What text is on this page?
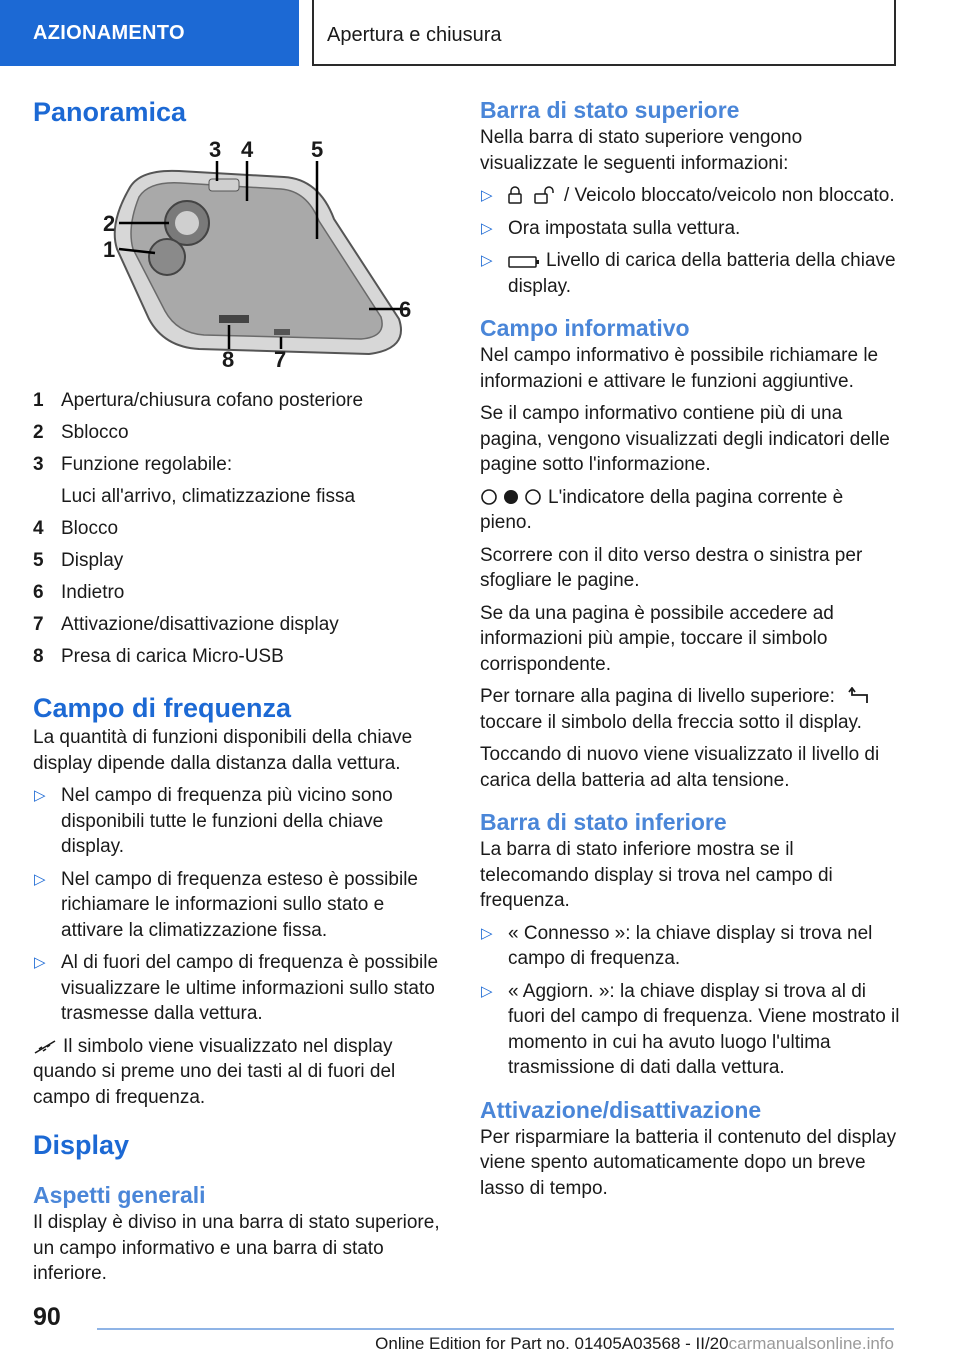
AZIONAMENTO	Apertura e chiusura
Panoramica
3 4	5
2
1
6
8 7
1 Apertura/chiusura cofano posteriore
2 Sblocco
3 Funzione regolabile:
Luci all'arrivo, climatizzazione fissa
4 Blocco
5 Display
6 Indietro
7 Attivazione/disattivazione display
8 Presa di carica Micro-USB
Campo di frequenza

La quantità di funzioni disponibili della chiave display dipende dalla distanza dalla vettura.

▷ Nel campo di frequenza più vicino sono disponibili tutte le funzioni della chiave display.
▷ Nel campo di frequenza esteso è possibile richiamare le informazioni sullo stato e attivare la climatizzazione fissa.
▷ Al di fuori del campo di frequenza è possibile visualizzare le ultime informazioni sullo stato trasmesse dalla vettura.

Il simbolo viene visualizzato nel display quando si preme uno dei tasti al di fuori del campo di frequenza.

Display
Aspetti generali

Il display è diviso in una barra di stato superiore, un campo informativo e una barra di stato inferiore.

Barra di stato superiore

Nella barra di stato superiore vengono visualizzate le seguenti informazioni:

▷	/ Veicolo bloccato/veicolo non bloccato.
▷ Ora impostata sulla vettura.
▷	Livello di carica della batteria della chiave display.
Campo informativo

Nel campo informativo è possibile richiamare le informazioni e attivare le funzioni aggiuntive.

Se il campo informativo contiene più di una pagina, vengono visualizzati degli indicatori delle pagine sotto l'informazione.

L'indicatore della pagina corrente è pieno.

Scorrere con il dito verso destra o sinistra per sfogliare le pagine.

Se da una pagina è possibile accedere ad informazioni più ampie, toccare il simbolo corrispondente.

Per tornare alla pagina di livello superiore:
toccare il simbolo della freccia sotto il display.

Toccando di nuovo viene visualizzato il livello di carica della batteria ad alta tensione.

Barra di stato inferiore

La barra di stato inferiore mostra se il telecomando display si trova nel campo di frequenza.

▷ « Connesso »: la chiave display si trova nel campo di frequenza.
▷ « Aggiorn. »: la chiave display si trova al di fuori del campo di frequenza. Viene mostrato il momento in cui ha avuto luogo l'ultima trasmissione di dati dalla vettura.
Attivazione/disattivazione

Per risparmiare la batteria il contenuto del display viene spento automaticamente dopo un breve lasso di tempo.

90
Online Edition for Part no. 01405A03568 - II/20carmanualsonline.info
